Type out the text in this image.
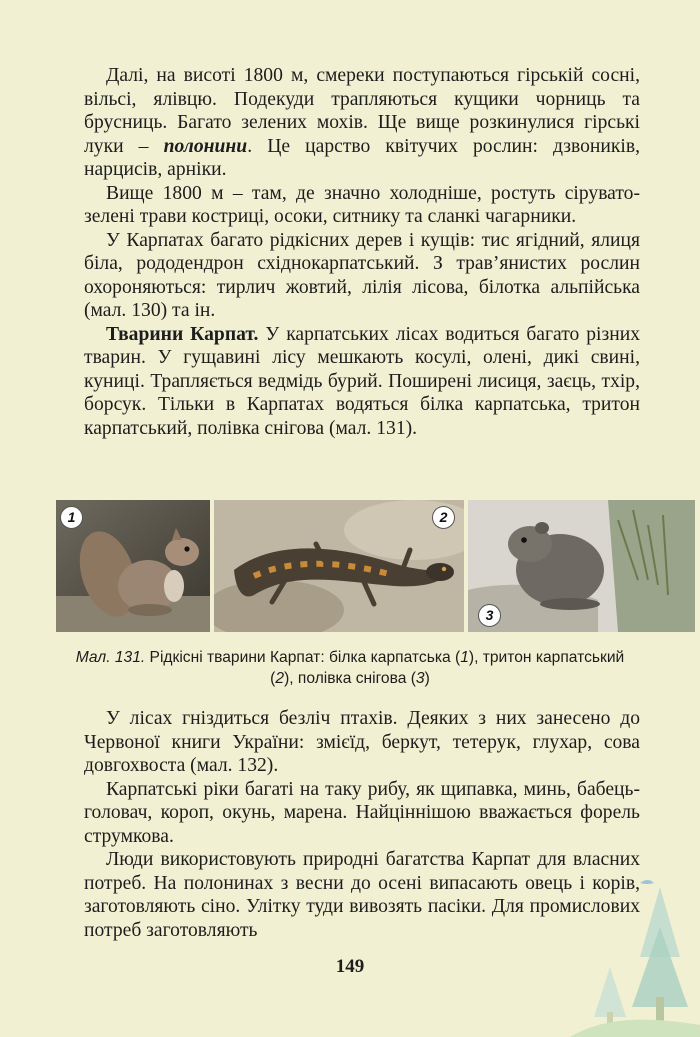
Далі, на висоті 1800 м, смереки поступаються гірській сосні, вільсі, ялівцю. Подекуди трапляються кущики чорниць та брусниць. Багато зелених мохів. Ще вище розкинулися гірські луки – полонини. Це царство квітучих рослин: дзвоників, нарцисів, арніки.

Вище 1800 м – там, де значно холодніше, ростуть сірувато-зелені трави костриці, осоки, ситнику та сланкі чагарники.

У Карпатах багато рідкісних дерев і кущів: тис ягідний, ялиця біла, рододендрон східнокарпатський. З трав’янистих рослин охороняються: тирлич жовтий, лілія лісова, білотка альпійська (мал. 130) та ін.

Тварини Карпат. У карпатських лісах водиться багато різних тварин. У гущавині лісу мешкають косулі, олені, дикі свині, куниці. Трапляється ведмідь бурий. Поширені лисиця, заєць, тхір, борсук. Тільки в Карпатах водяться білка карпатська, тритон карпатський, полівка снігова (мал. 131).

1	2
3
Мал. 131. Рідкісні тварини Карпат: білка карпатська (1), тритон карпатський (2), полівка снігова (3)

У лісах гніздиться безліч птахів. Деяких з них занесено до Червоної книги України: змієїд, беркут, тетерук, глухар, сова довгохвоста (мал. 132).

Карпатські ріки багаті на таку рибу, як щипавка, минь, бабець-головач, короп, окунь, марена. Найціннішою вважається форель струмкова.

Люди використовують природні багатства Карпат для власних потреб. На полонинах з весни до осені випасають овець і корів, заготовляють сіно. Улітку туди вивозять пасіки. Для промислових потреб заготовляють

149
